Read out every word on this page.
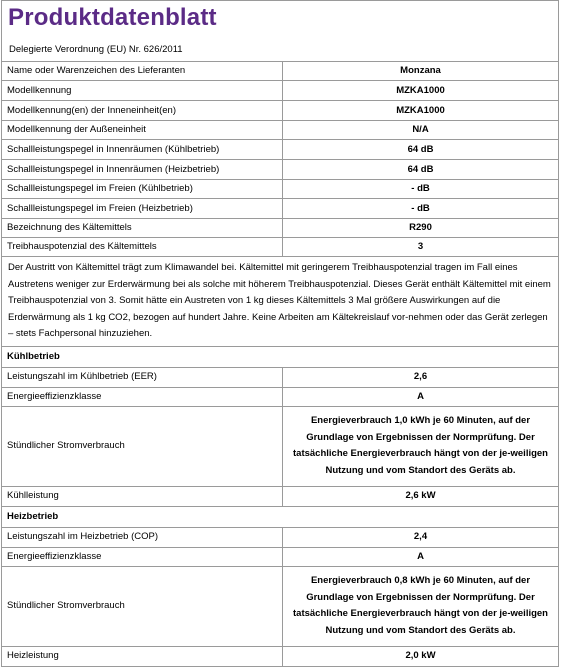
Produktdatenblatt
Delegierte Verordnung (EU) Nr. 626/2011
Name oder Warenzeichen des Lieferanten	Monzana
Modellkennung	MZKA1000
Modellkennung(en) der Inneneinheit(en)	MZKA1000
Modellkennung der Außeneinheit	N/A
Schallleistungspegel in Innenräumen (Kühlbetrieb)	64 dB
Schallleistungspegel in Innenräumen (Heizbetrieb)	64 dB
Schallleistungspegel im Freien (Kühlbetrieb)	- dB
Schallleistungspegel im Freien (Heizbetrieb)	- dB
Bezeichnung des Kältemittels	R290
Treibhauspotenzial des Kältemittels	3
Der Austritt von Kältemittel trägt zum Klimawandel bei. Kältemittel mit geringerem Treibhauspotenzial tragen im Fall eines Austretens weniger zur Erderwärmung bei als solche mit höherem Treibhauspotenzial. Dieses Gerät enthält Kältemittel mit einem Treibhauspotenzial von 3. Somit hätte ein Austreten von 1 kg dieses Kältemittels 3 Mal größere Auswirkungen auf die Erderwärmung als 1 kg CO2, bezogen auf hundert Jahre. Keine Arbeiten am Kältekreislauf vor-nehmen oder das Gerät zerlegen – stets Fachpersonal hinzuziehen.	
Kühlbetrieb	
Leistungszahl im Kühlbetrieb (EER)	2,6
Energieeffizienzklasse	A
Stündlicher Stromverbrauch	Energieverbrauch 1,0 kWh je 60 Minuten, auf der Grundlage von Ergebnissen der Normprüfung. Der tatsächliche Energieverbrauch hängt von der je-weiligen Nutzung und vom Standort des Geräts ab.
Kühlleistung	2,6 kW
Heizbetrieb	
Leistungszahl im Heizbetrieb (COP)	2,4
Energieeffizienzklasse	A
Stündlicher Stromverbrauch	Energieverbrauch 0,8 kWh je 60 Minuten, auf der Grundlage von Ergebnissen der Normprüfung. Der tatsächliche Energieverbrauch hängt von der je-weiligen Nutzung und vom Standort des Geräts ab.
Heizleistung	2,0 kW
